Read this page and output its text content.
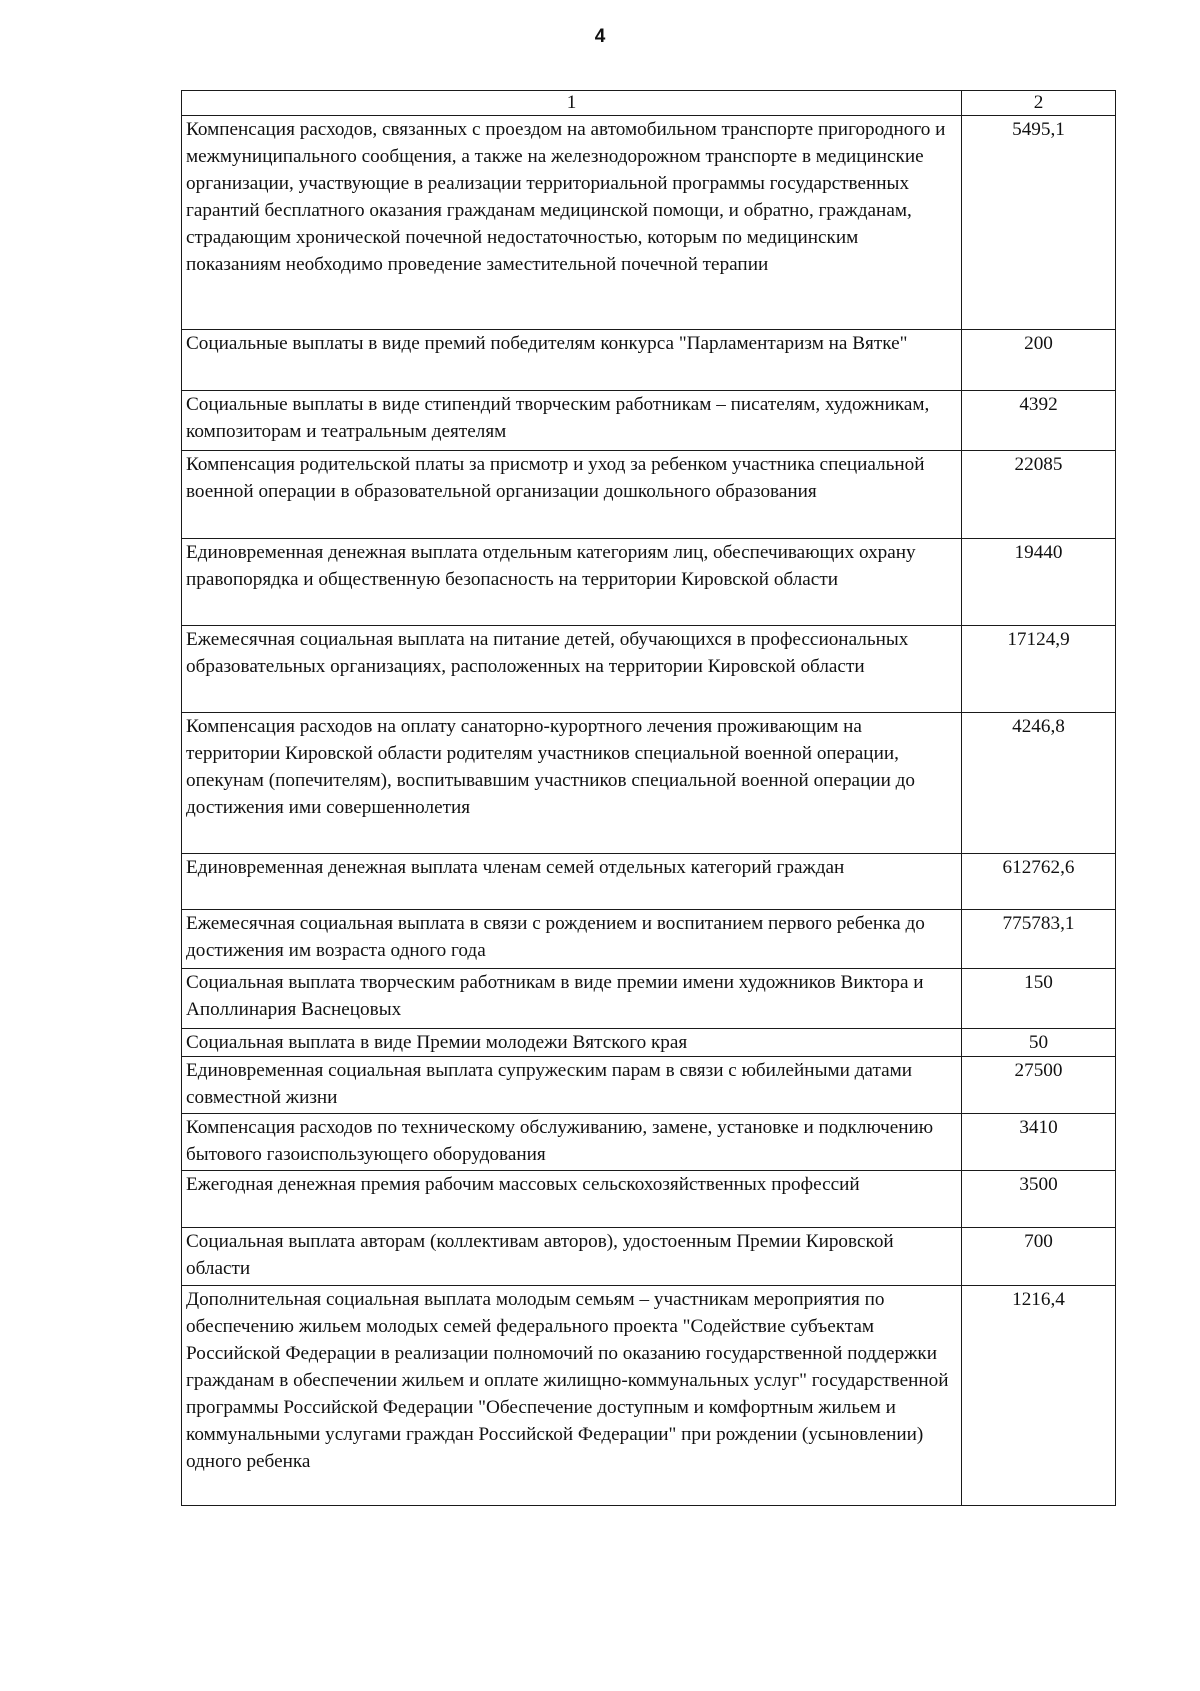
4
1	2
Компенсация расходов, связанных с проездом на автомобильном транспорте пригородного и межмуниципального сообщения, а также на железнодорожном транспорте в медицинские организации, участвующие в реализации территориальной программы государственных гарантий бесплатного оказания гражданам медицинской помощи, и обратно, гражданам, страдающим хронической почечной недостаточностью, которым по медицинским показаниям необходимо проведение заместительной почечной терапии	5495,1
Социальные выплаты в виде премий победителям конкурса "Парламентаризм на Вятке"	200
Социальные выплаты в виде стипендий творческим работникам – писателям, художникам, композиторам и театральным деятелям	4392
Компенсация родительской платы за присмотр и уход за ребенком участника специальной военной операции в образовательной организации дошкольного образования	22085
Единовременная денежная выплата отдельным категориям лиц, обеспечивающих охрану правопорядка и общественную безопасность на территории Кировской области	19440
Ежемесячная социальная выплата на питание детей, обучающихся в профессиональных образовательных организациях, расположенных на территории Кировской области	17124,9
Компенсация расходов на оплату санаторно-курортного лечения проживающим на территории Кировской области родителям участников специальной военной операции, опекунам (попечителям), воспитывавшим участников специальной военной операции до достижения ими совершеннолетия	4246,8
Единовременная денежная выплата членам семей отдельных категорий граждан	612762,6
Ежемесячная социальная выплата в связи с рождением и воспитанием первого ребенка до достижения им возраста одного года	775783,1
Социальная выплата творческим работникам в виде премии имени художников Виктора и Аполлинария Васнецовых	150
Социальная выплата в виде Премии молодежи Вятского края	50
Единовременная социальная выплата супружеским парам в связи с юбилейными датами совместной жизни	27500
Компенсация расходов по техническому обслуживанию, замене, установке и подключению бытового газоиспользующего оборудования	3410
Ежегодная денежная премия рабочим массовых сельскохозяйственных профессий	3500
Социальная выплата авторам (коллективам авторов), удостоенным Премии Кировской области	700
Дополнительная социальная выплата молодым семьям – участникам мероприятия по обеспечению жильем молодых семей федерального проекта "Содействие субъектам Российской Федерации в реализации полномочий по оказанию государственной поддержки гражданам в обеспечении жильем и оплате жилищно-коммунальных услуг" государственной программы Российской Федерации "Обеспечение доступным и комфортным жильем и коммунальными услугами граждан Российской Федерации" при рождении (усыновлении) одного ребенка	1216,4
